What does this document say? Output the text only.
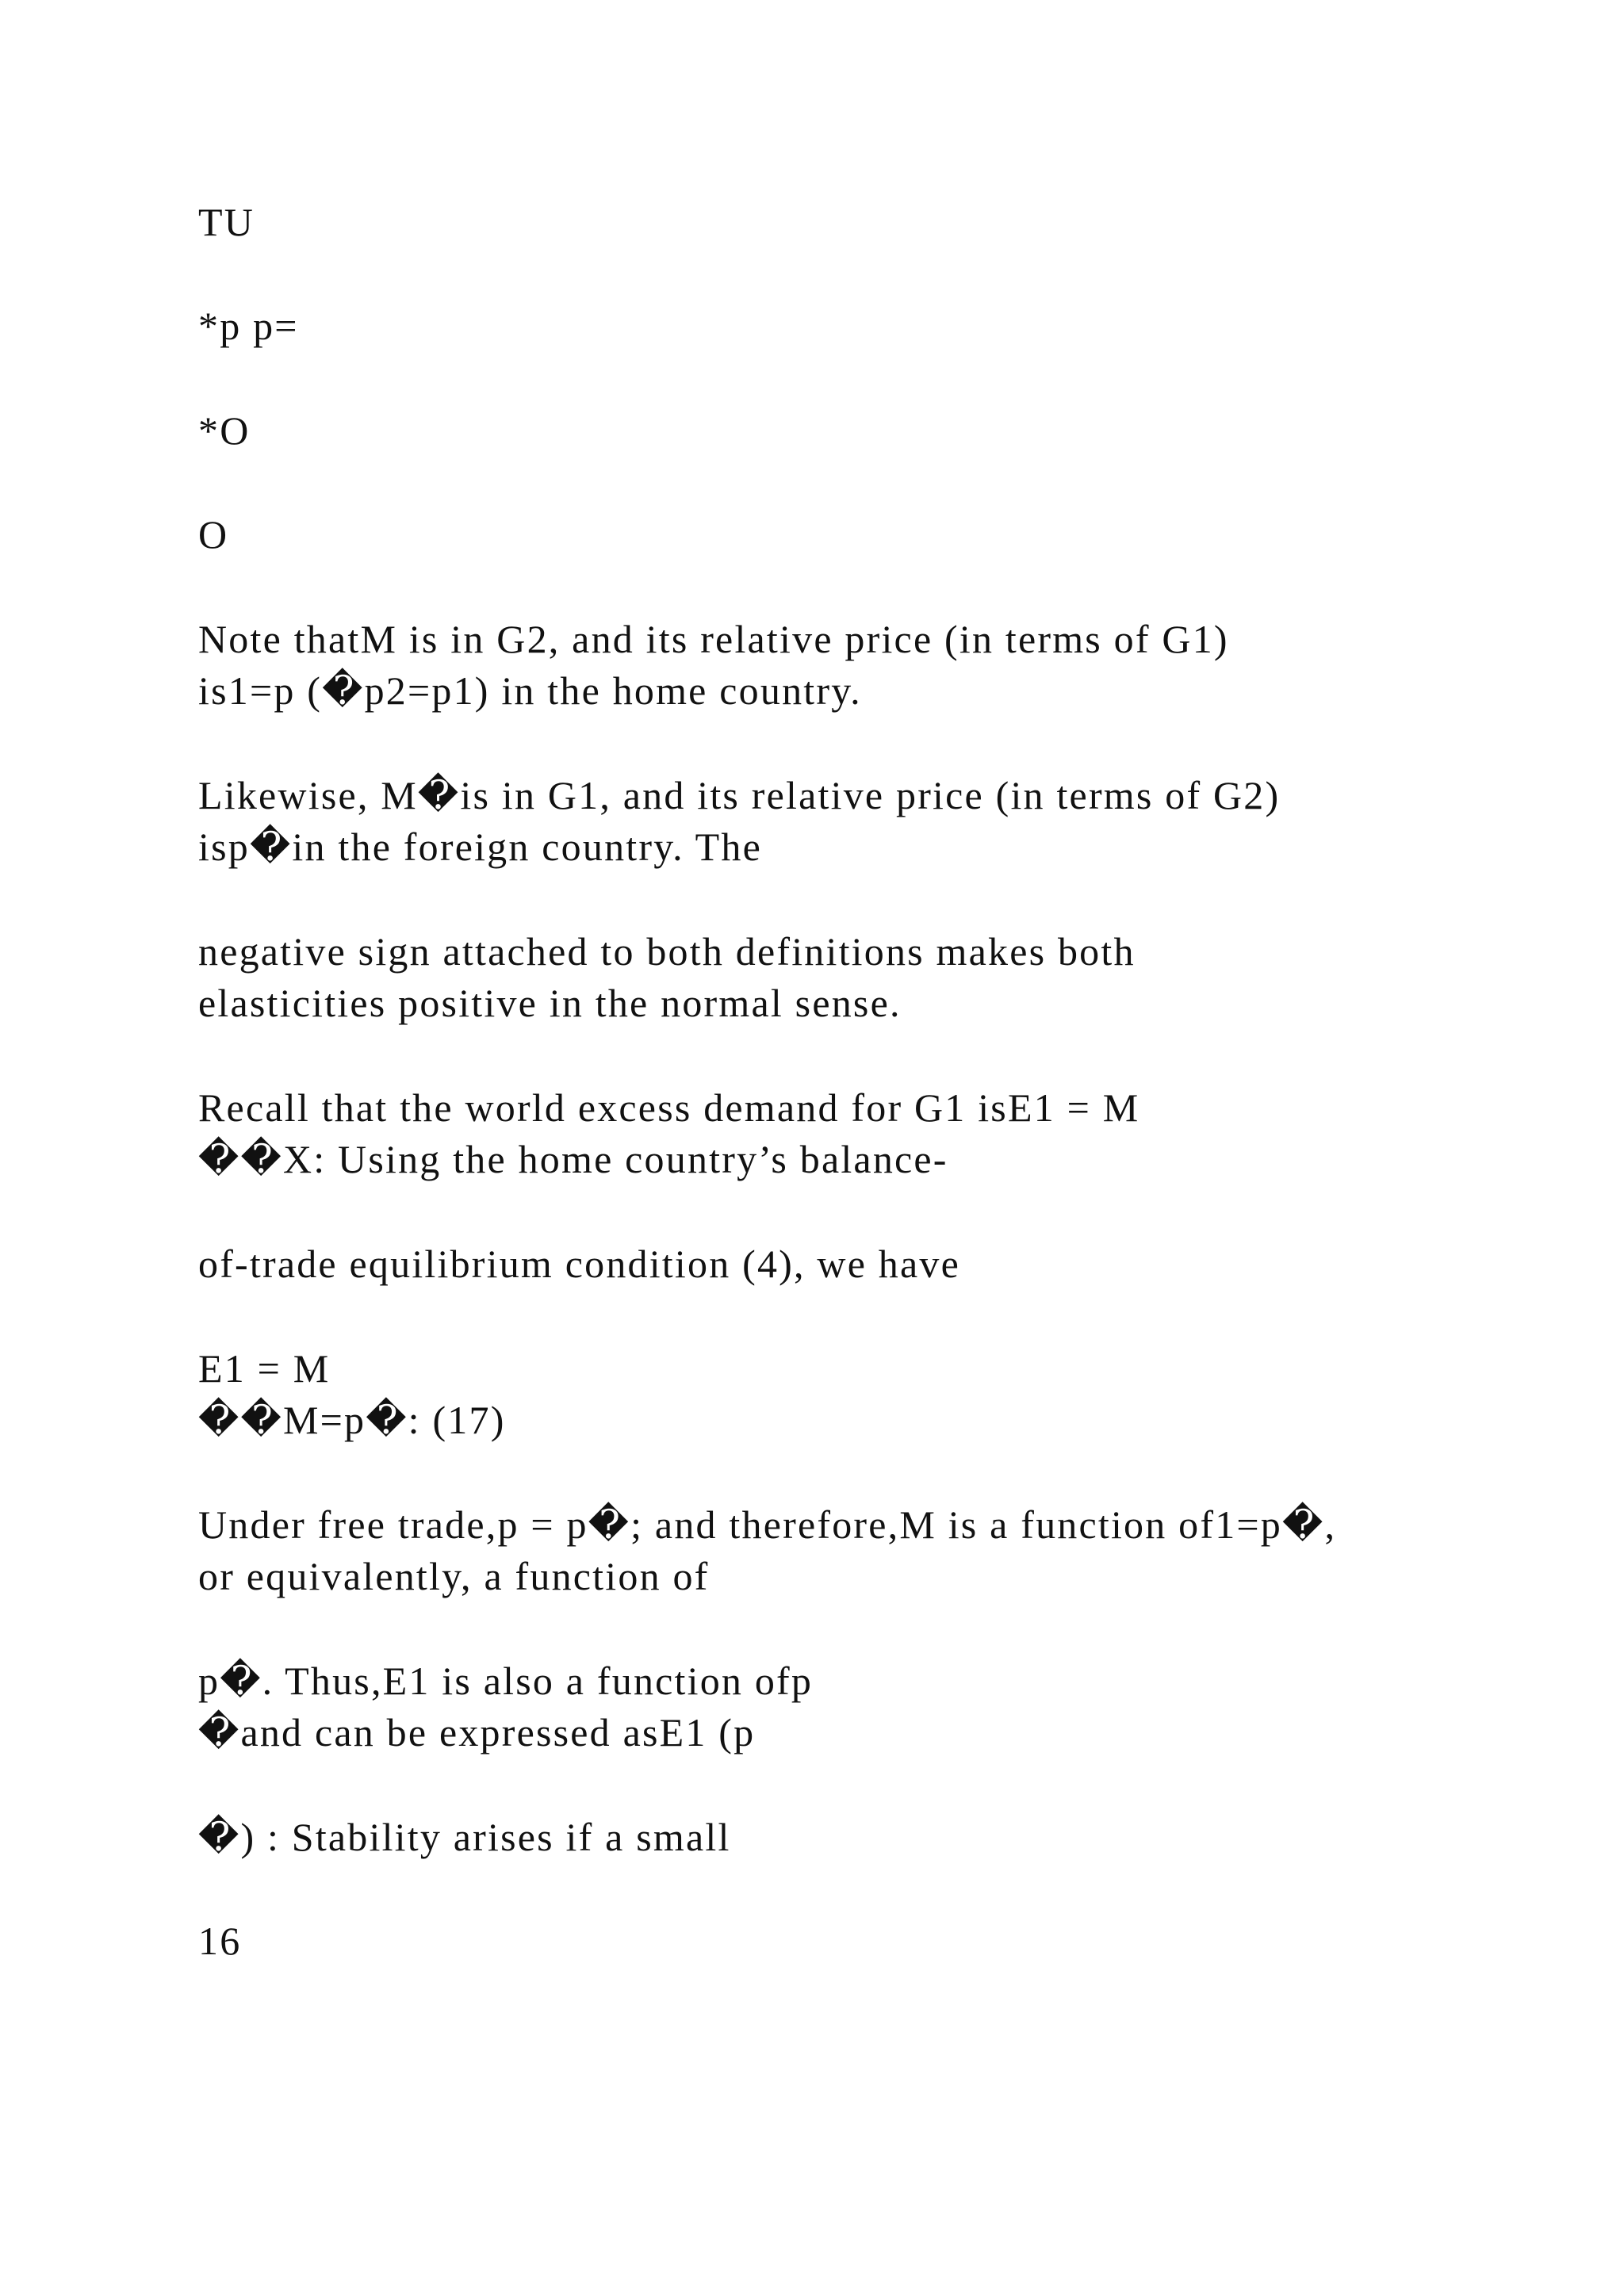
TU

*p p=

*O

O

Note thatM is in G2, and its relative price (in terms of G1)

is1=p (�p2=p1) in the home country.

Likewise, M�is in G1, and its relative price (in terms of G2)

isp�in the foreign country. The

negative sign attached to both definitions makes both

elasticities positive in the normal sense.

Recall that the world excess demand for G1 isE1 = M

��X: Using the home country’s balance-

of-trade equilibrium condition (4), we have

E1 = M

��M=p�: (17)

Under free trade,p = p�; and therefore,M is a function of1=p�,

or equivalently, a function of

p�. Thus,E1 is also a function ofp

�and can be expressed asE1 (p

�) : Stability arises if a small

16
